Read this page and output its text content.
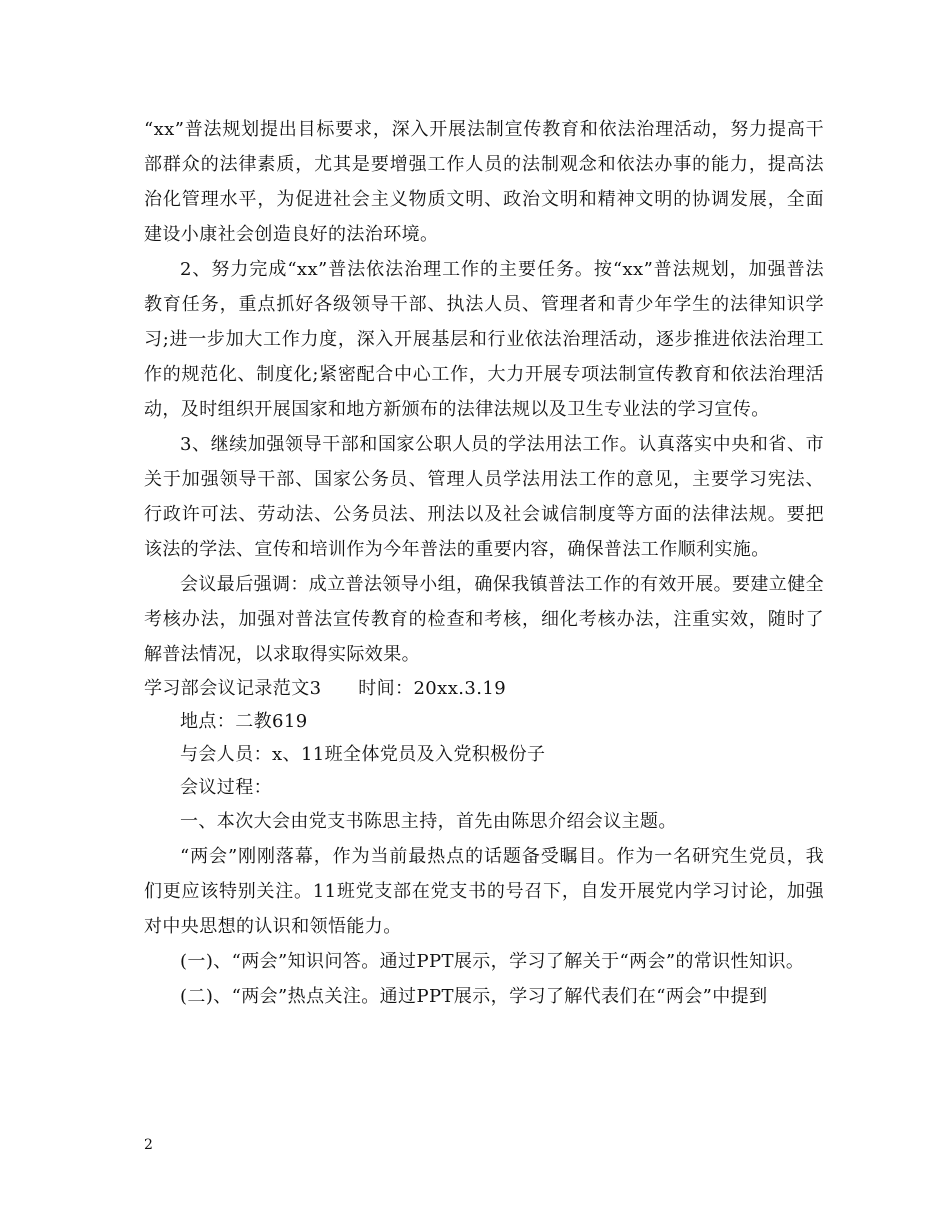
“xx”普法规划提出目标要求，深入开展法制宣传教育和依法治理活动，努力提高干部群众的法律素质，尤其是要增强工作人员的法制观念和依法办事的能力，提高法治化管理水平，为促进社会主义物质文明、政治文明和精神文明的协调发展，全面建设小康社会创造良好的法治环境。

2、努力完成“xx”普法依法治理工作的主要任务。按“xx”普法规划，加强普法教育任务，重点抓好各级领导干部、执法人员、管理者和青少年学生的法律知识学习;进一步加大工作力度，深入开展基层和行业依法治理活动，逐步推进依法治理工作的规范化、制度化;紧密配合中心工作，大力开展专项法制宣传教育和依法治理活动，及时组织开展国家和地方新颁布的法律法规以及卫生专业法的学习宣传。

3、继续加强领导干部和国家公职人员的学法用法工作。认真落实中央和省、市关于加强领导干部、国家公务员、管理人员学法用法工作的意见，主要学习宪法、行政许可法、劳动法、公务员法、刑法以及社会诚信制度等方面的法律法规。要把该法的学法、宣传和培训作为今年普法的重要内容，确保普法工作顺利实施。

会议最后强调：成立普法领导小组，确保我镇普法工作的有效开展。要建立健全考核办法，加强对普法宣传教育的检查和考核，细化考核办法，注重实效，随时了解普法情况，以求取得实际效果。

学习部会议记录范文3　　时间：20xx.3.19

地点：二教619

与会人员：x、11班全体党员及入党积极份子

会议过程：

一、本次大会由党支书陈思主持，首先由陈思介绍会议主题。

“两会”刚刚落幕，作为当前最热点的话题备受瞩目。作为一名研究生党员，我们更应该特别关注。11班党支部在党支书的号召下，自发开展党内学习讨论，加强对中央思想的认识和领悟能力。

(一)、“两会”知识问答。通过PPT展示，学习了解关于“两会”的常识性知识。

(二)、“两会”热点关注。通过PPT展示，学习了解代表们在“两会”中提到

2
